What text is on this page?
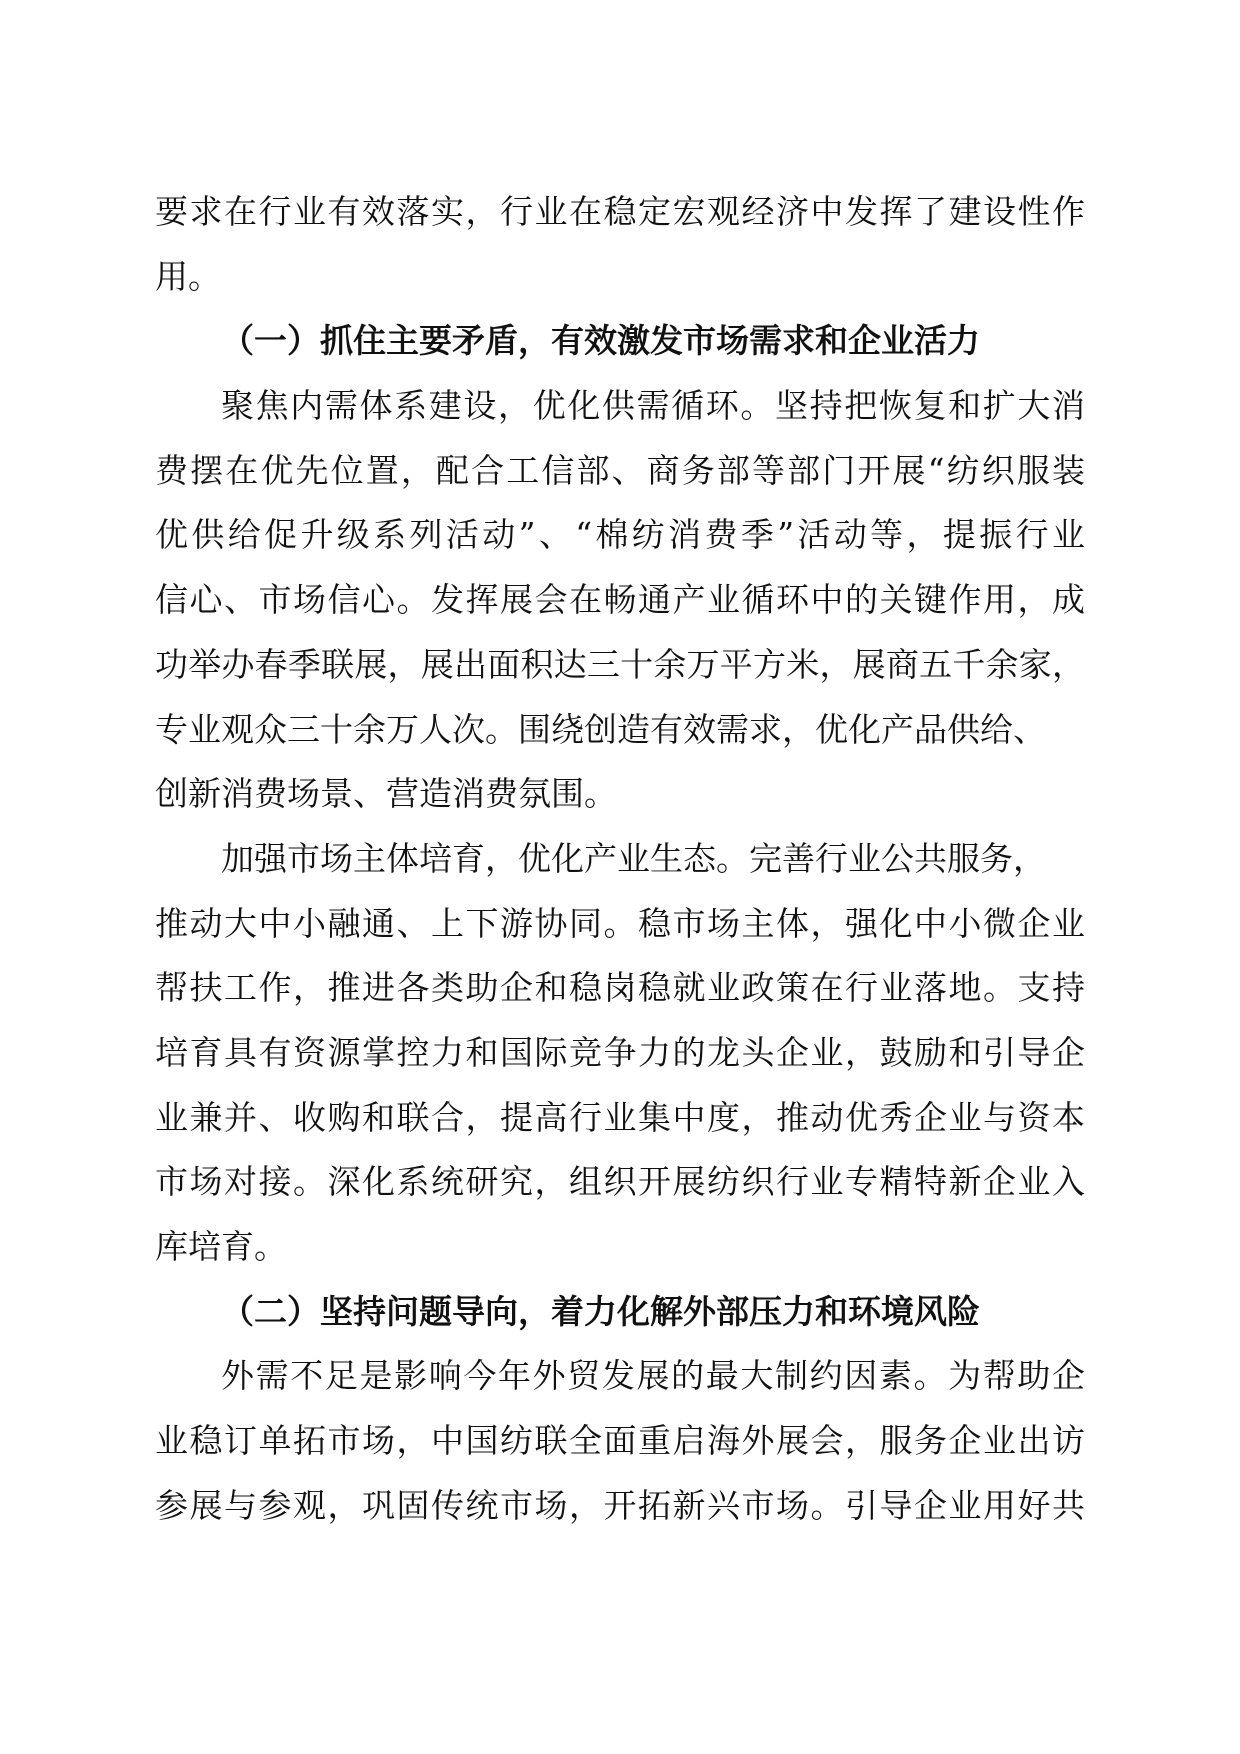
要求在行业有效落实，行业在稳定宏观经济中发挥了建设性作
用。
（一）抓住主要矛盾，有效激发市场需求和企业活力
聚焦内需体系建设，优化供需循环。坚持把恢复和扩大消
费摆在优先位置，配合工信部、商务部等部门开展“纺织服装
优供给促升级系列活动”、“棉纺消费季”活动等，提振行业
信心、市场信心。发挥展会在畅通产业循环中的关键作用，成
功举办春季联展，展出面积达三十余万平方米，展商五千余家，
专业观众三十余万人次。围绕创造有效需求，优化产品供给、
创新消费场景、营造消费氛围。
加强市场主体培育，优化产业生态。完善行业公共服务，
推动大中小融通、上下游协同。稳市场主体，强化中小微企业
帮扶工作，推进各类助企和稳岗稳就业政策在行业落地。支持
培育具有资源掌控力和国际竞争力的龙头企业，鼓励和引导企
业兼并、收购和联合，提高行业集中度，推动优秀企业与资本
市场对接。深化系统研究，组织开展纺织行业专精特新企业入
库培育。
（二）坚持问题导向，着力化解外部压力和环境风险
外需不足是影响今年外贸发展的最大制约因素。为帮助企
业稳订单拓市场，中国纺联全面重启海外展会，服务企业出访
参展与参观，巩固传统市场，开拓新兴市场。引导企业用好共
